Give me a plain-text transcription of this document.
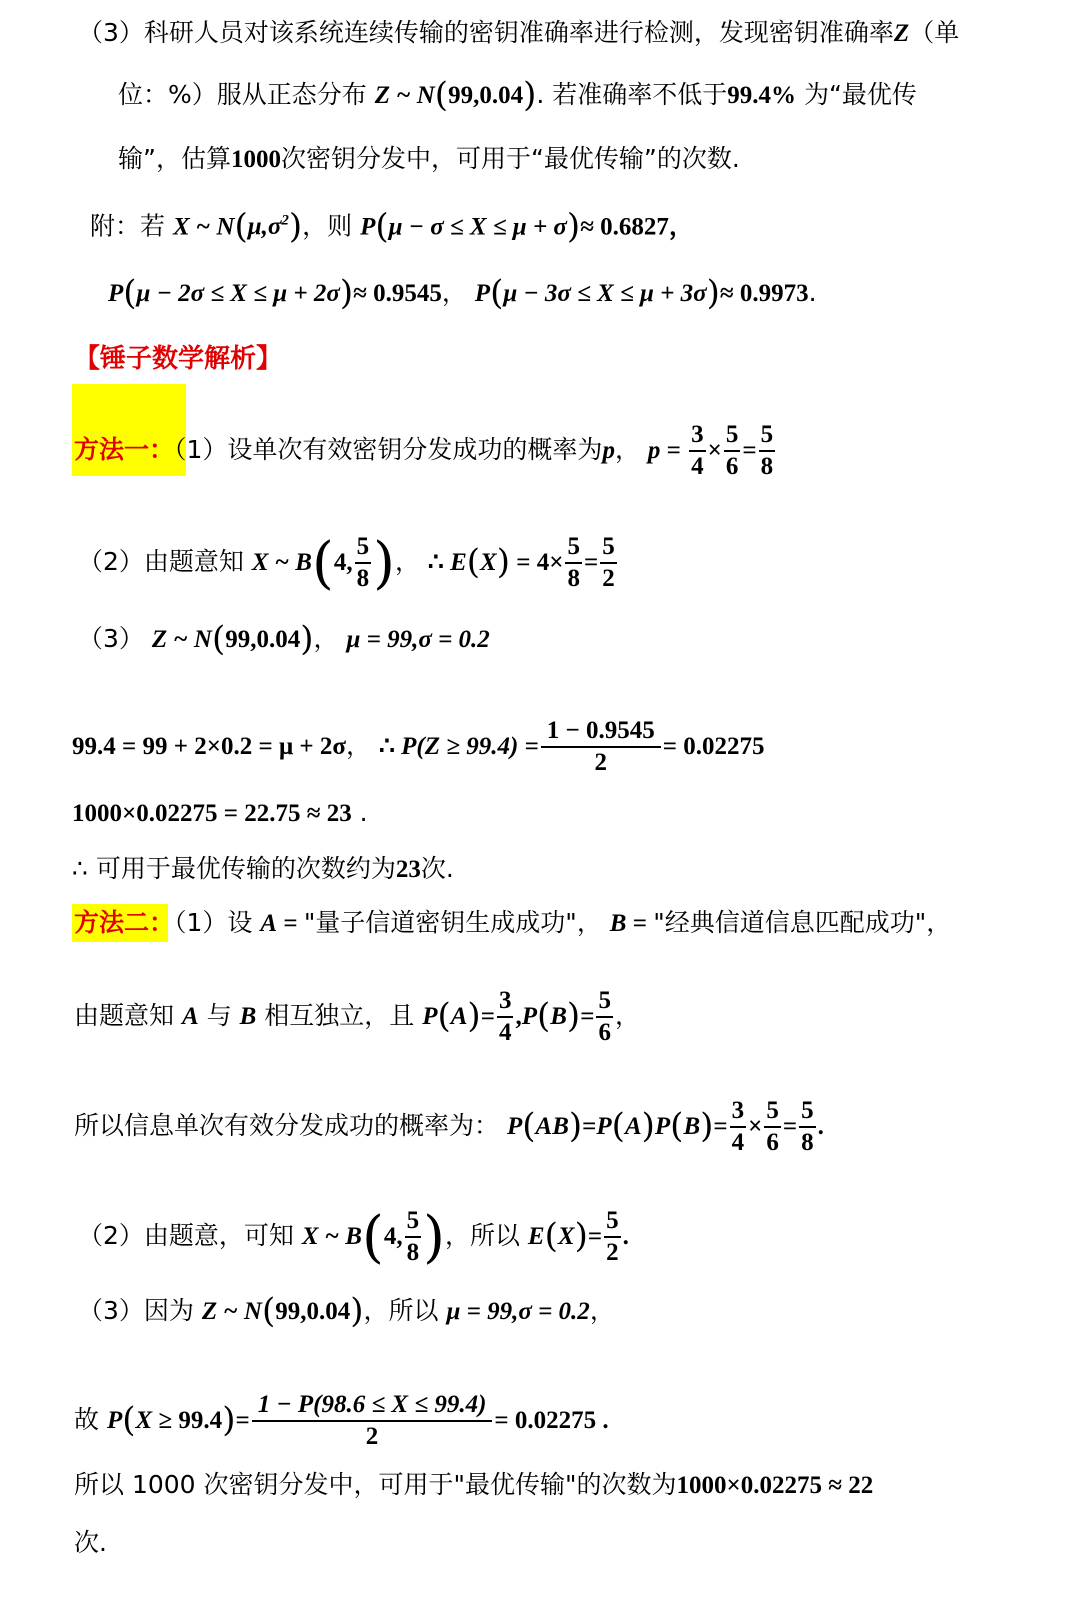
（3）科研人员对该系统连续传输的密钥准确率进行检测，发现密钥准确率Z（单
位：%）服从正态分布 Z ~ N(99,0.04). 若准确率不低于99.4% 为“最优传
输”，估算1000次密钥分发中，可用于“最优传输”的次数.
附：若 X ~ $N(\mu,\sigma^2)$，则 P(μ − σ ≤ X ≤ μ + σ)≈ 0.6827，
P(μ − 2σ ≤ X ≤ μ + 2σ)≈ 0.9545， P(μ − 3σ ≤ X ≤ μ + 3σ)≈ 0.9973.
【锤子数学解析】
方法一：（1）设单次有效密钥分发成功的概率为p， $p = \frac{3}{4} \times \frac{5}{6} = \frac{5}{8}$
（2）由题意知 X ~ B(4, $\frac{5}{8}$ )， ∴ $E(X) = 4\times \frac{5}{8} = \frac{5}{2}$
（3） Z ~ N(99,0.04)， μ = 99,σ = 0.2
99.4 = 99 + 2×0.2 = μ + 2σ， ∴ $P(Z \ge 99.4) = \frac{1 - 0.9545}{2} = 0.02275$
1000×0.02275 = 22.75 ≈ 23 .
∴ 可用于最优传输的次数约为23次.
方法二：（1）设 A = "量子信道密钥生成成功"， B = "经典信道信息匹配成功"，
由题意知 A 与 B 相互独立，且 $P(A)= \frac{3}{4} ,P(B)= \frac{5}{6}$ ，
所以信息单次有效分发成功的概率为： $P(AB)=P(A)P(B)= \frac{3}{4} \times \frac{5}{6} = \frac{5}{8}$ .
（2）由题意，可知 X ~ B(4, $\frac{5}{8}$ )，所以 $E(X)= \frac{5}{2}$ .
（3）因为 Z ~ N(99,0.04)，所以 μ = 99,σ = 0.2，
故 $P(X \ge 99.4)= \frac{1 - P(98.6 \le X \le 99.4)}{2} = 0.02275$ .
所以 1000 次密钥分发中，可用于"最优传输"的次数为1000×0.02275 ≈ 22
次.
